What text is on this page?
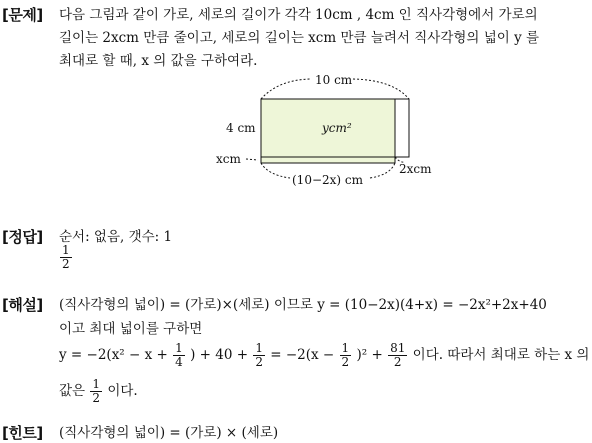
[문제] 다음 그림과 같이 가로, 세로의 길이가 각각 10cm , 4cm 인 직사각형에서 가로의
길이는 2xcm 만큼 줄이고, 세로의 길이는 xcm 만큼 늘려서 직사각형의 넓이 y 를
최대로 할 때, x 의 값을 구하여라.
10 cm
(10−2x) cm
4 cm	ycm²
xcm
2xcm
[정답] 순서: 없음, 갯수: 1
$\frac{1}{2}$
[해설] (직사각형의 넓이) = (가로)×(세로) 이므로 y = (10−2x)(4+x) = −2x²+2x+40
이고 최대 넓이를 구하면
$y = -2(x^2 - x + \frac{1}{4}$ ) + $40 + \frac{1}{2} = -2(x - \frac{1}{2} )^2 + \frac{81}{2}$ 이다. 따라서 최대로 하는 x 의
값은 $\frac{1}{2}$ 이다.
[힌트] (직사각형의 넓이) = (가로) × (세로)
